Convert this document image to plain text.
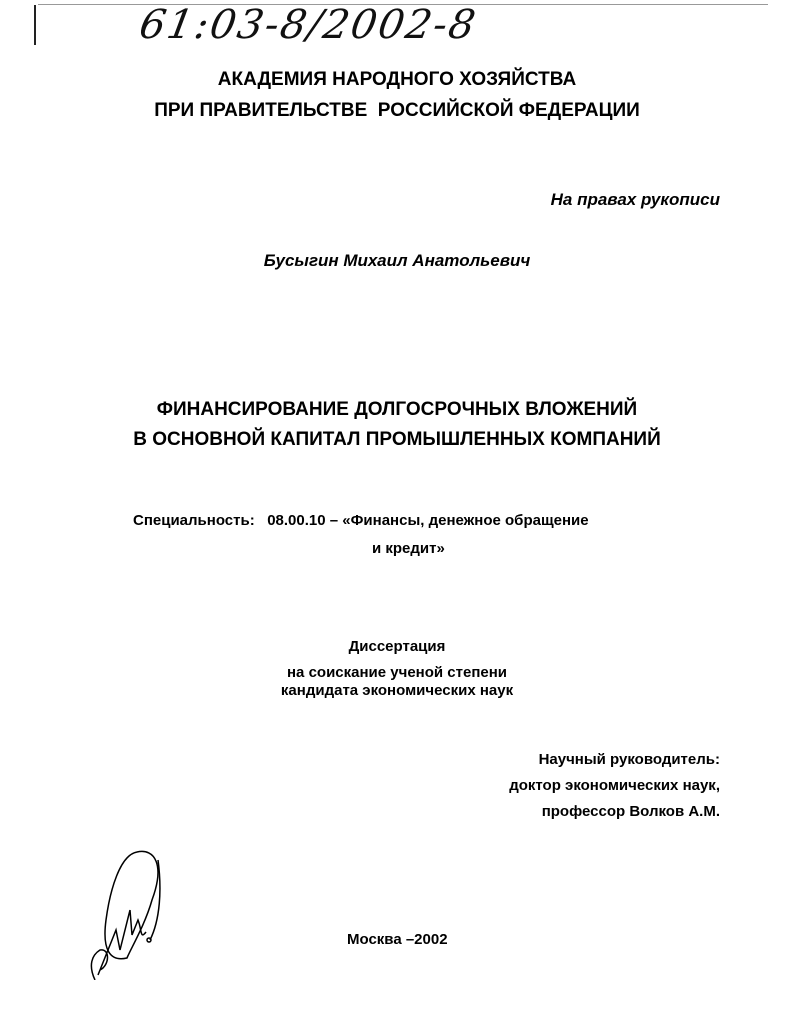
61:03-8/2002-8
АКАДЕМИЯ НАРОДНОГО ХОЗЯЙСТВА
ПРИ ПРАВИТЕЛЬСТВЕ  РОССИЙСКОЙ ФЕДЕРАЦИИ
На правах рукописи
Бусыгин Михаил Анатольевич
ФИНАНСИРОВАНИЕ ДОЛГОСРОЧНЫХ ВЛОЖЕНИЙ
В ОСНОВНОЙ КАПИТАЛ ПРОМЫШЛЕННЫХ КОМПАНИЙ
Специальность:   08.00.10 – «Финансы, денежное обращение
и кредит»
Диссертация
на соискание ученой степени
кандидата экономических наук
Научный руководитель:
доктор экономических наук,
профессор Волков А.М.
Москва –2002
